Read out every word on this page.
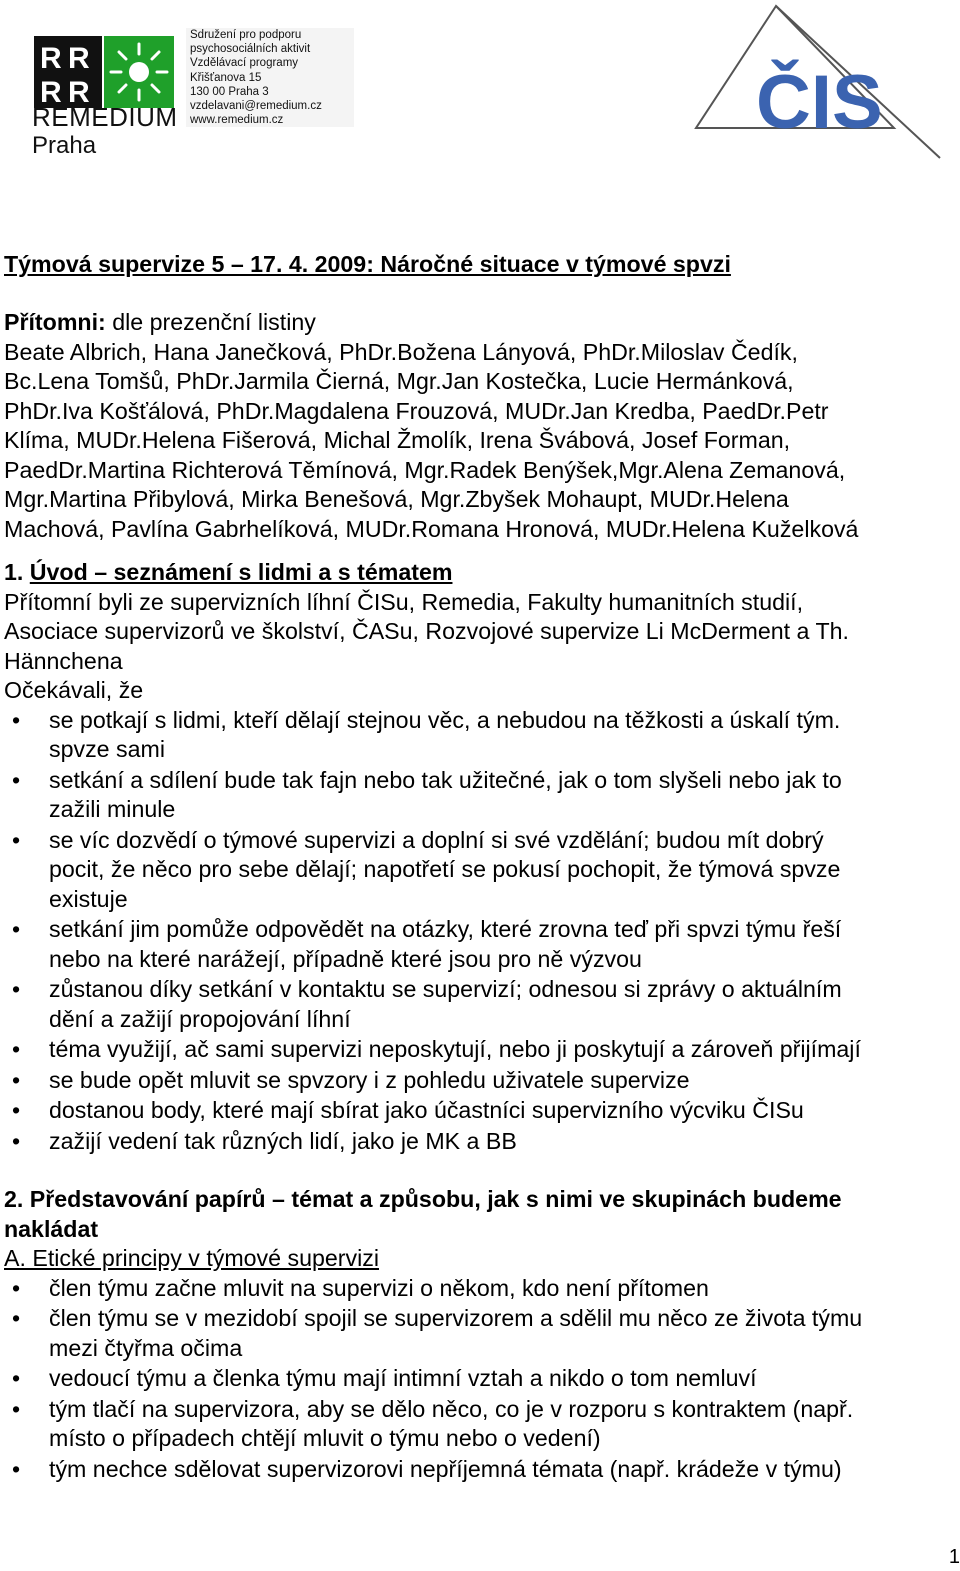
R R
R R
REMEDIUM
Praha
Sdružení pro podporu
psychosociálních aktivit
Vzdělávací programy
Křišťanova 15
130 00 Praha 3
vzdelavani@remedium.cz
www.remedium.cz	ČIS
Týmová supervize 5 – 17. 4. 2009: Náročné situace v týmové spvzi

Přítomni: dle prezenční listiny

Beate Albrich, Hana Janečková, PhDr.Božena Lányová, PhDr.Miloslav Čedík,
Bc.Lena Tomšů, PhDr.Jarmila Čierná, Mgr.Jan Kostečka, Lucie Hermánková,
PhDr.Iva Košťálová, PhDr.Magdalena Frouzová, MUDr.Jan Kredba, PaedDr.Petr
Klíma, MUDr.Helena Fišerová, Michal Žmolík, Irena Švábová, Josef Forman,
PaedDr.Martina Richterová Těmínová, Mgr.Radek Benýšek,Mgr.Alena Zemanová,
Mgr.Martina Přibylová, Mirka Benešová, Mgr.Zbyšek Mohaupt, MUDr.Helena
Machová, Pavlína Gabrhelíková, MUDr.Romana Hronová, MUDr.Helena Kuželková

1. Úvod – seznámení s lidmi a s tématem

Přítomní byli ze supervizních líhní ČISu, Remedia, Fakulty humanitních studií,
Asociace supervizorů ve školství, ČASu, Rozvojové supervize Li McDerment a Th.
Hännchena

Očekávali, že

• se potkají s lidmi, kteří dělají stejnou věc, a nebudou na těžkosti a úskalí tým.
spvze sami
• setkání a sdílení bude tak fajn nebo tak užitečné, jak o tom slyšeli nebo jak to
zažili minule
• se víc dozvědí o týmové supervizi a doplní si své vzdělání; budou mít dobrý
pocit, že něco pro sebe dělají; napotřetí se pokusí pochopit, že týmová spvze
existuje
• setkání jim pomůže odpovědět na otázky, které zrovna teď při spvzi týmu řeší
nebo na které narážejí, případně které jsou pro ně výzvou
• zůstanou díky setkání v kontaktu se supervizí; odnesou si zprávy o aktuálním
dění a zažijí propojování líhní
• téma využijí, ač sami supervizi neposkytují, nebo ji poskytují a zároveň přijímají
• se bude opět mluvit se spvzory i z pohledu uživatele supervize
• dostanou body, které mají sbírat jako účastníci supervizního výcviku ČISu
• zažijí vedení tak různých lidí, jako je MK a BB
2. Představování papírů – témat a způsobu, jak s nimi ve skupinách budeme
nakládat

A. Etické principy v týmové supervizi

• člen týmu začne mluvit na supervizi o někom, kdo není přítomen
• člen týmu se v mezidobí spojil se supervizorem a sdělil mu něco ze života týmu
mezi čtyřma očima
• vedoucí týmu a členka týmu mají intimní vztah a nikdo o tom nemluví
• tým tlačí na supervizora, aby se dělo něco, co je v rozporu s kontraktem (např.
místo o případech chtějí mluvit o týmu nebo o vedení)
• tým nechce sdělovat supervizorovi nepříjemná témata (např. krádeže v týmu)
1
